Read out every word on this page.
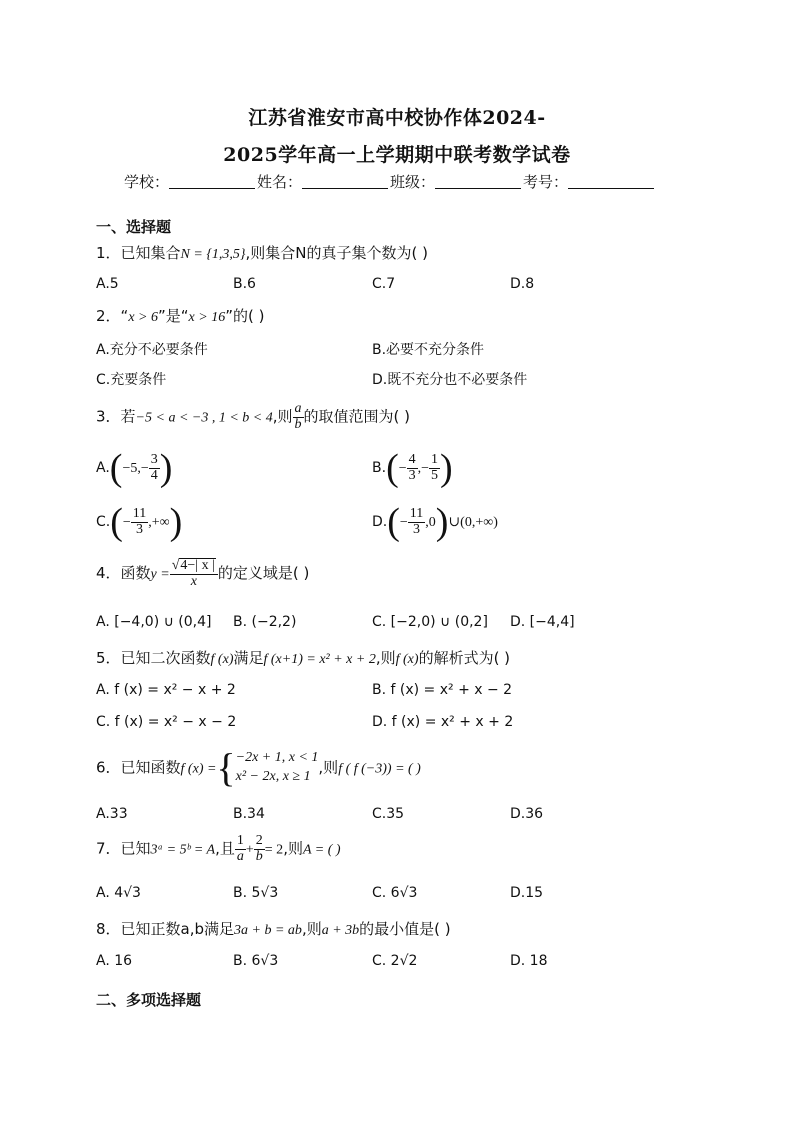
江苏省淮安市高中校协作体2024-
2025学年高一上学期期中联考数学试卷
学校：	姓名：	班级：	考号：
一、选择题
1．已知集合N = {1,3,5},则集合N的真子集个数为( )
A.5	B.6	C.7	D.8
2．“x > 6”是“x > 16”的( )
A.充分不必要条件	B.必要不充分条件
C.充要条件	D.既不充分也不必要条件
3．若−5 < a < −3 , 1 < b < 4,则 $\frac{a}{b}$ 的取值范围为( )
$A.(-5,- \frac{3}{4}$ )	$B.(- \frac{4}{3}$ ,− $\frac{1}{5}$ )
$C.(- \frac{11}{3}$ ,+∞)	$D.(- \frac{11}{3}$ ,0)∪(0,+∞)
4．函数$y = \frac{√4-| x |}{x}$ 的定义域是( )
A. [−4,0) ∪ (0,4] B. (−2,2)	C. [−2,0) ∪ (0,2] D. [−4,4]
5．已知二次函数f (x)满足f (x+1) = x² + x + 2,则f (x)的解析式为( )
A. f (x) = x² − x + 2	B. f (x) = x² + x − 2
C. f (x) = x² − x − 2	D. f (x) = x² + x + 2
6．已知函数f (x) ={ −2x + 1, x < 1
x² − 2x, x ≥ 1 ,则f ( f (−3)) = ( )
A.33	B.34	C.35	D.36
7．已知3ᵃ = 5ᵇ = A,且 $\frac{1}{a} + \frac{2}{b} = 2$,则A = ( )
A. 4√3	B. 5√3	C. 6√3	D.15
8．已知正数a,b满足3a + b = ab,则a + 3b的最小值是( )
A. 16	B. 6√3	C. 2√2	D. 18
二、多项选择题
